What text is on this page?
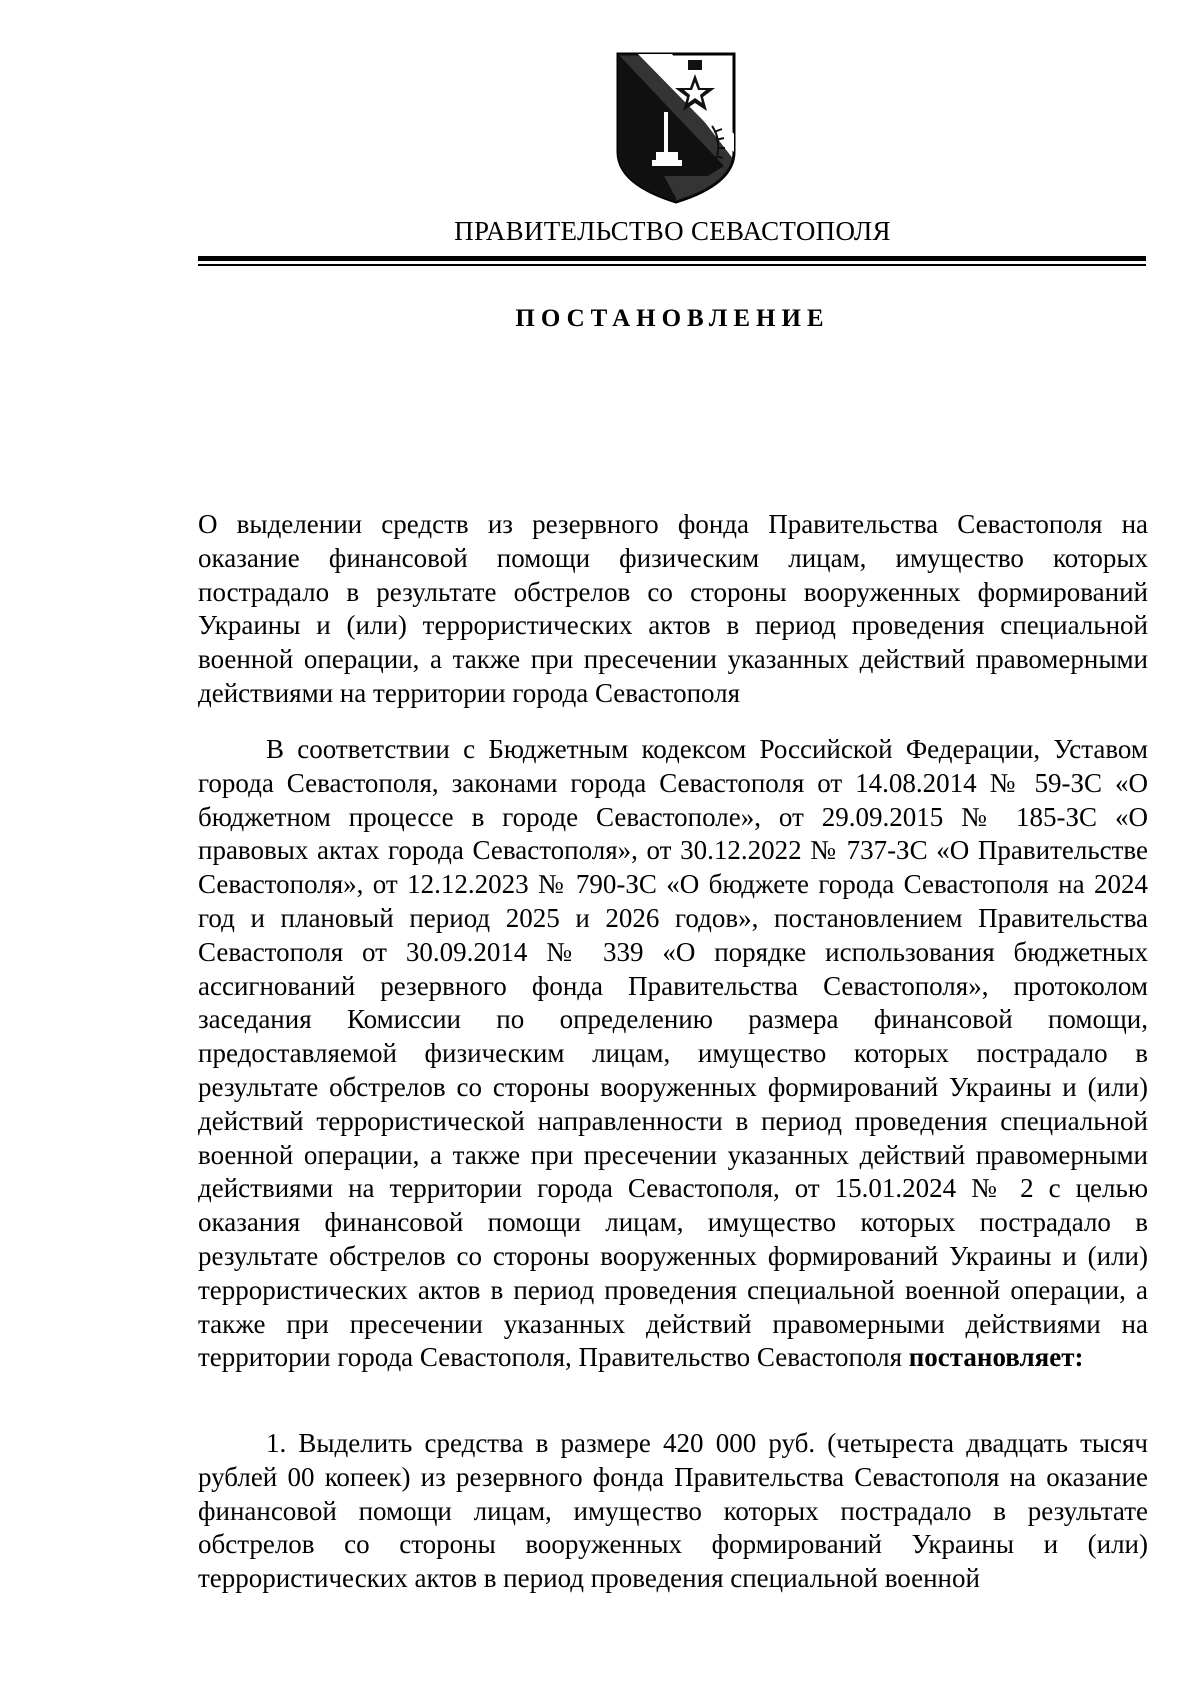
ПРАВИТЕЛЬСТВО СЕВАСТОПОЛЯ
ПОСТАНОВЛЕНИЕ
О выделении средств из резервного фонда Правительства Севастополя на оказание финансовой помощи физическим лицам, имущество которых пострадало в результате обстрелов со стороны вооруженных формирований Украины и (или) террористических актов в период проведения специальной военной операции, а также при пресечении указанных действий правомерными действиями на территории города Севастополя
В соответствии с Бюджетным кодексом Российской Федерации, Уставом города Севастополя, законами города Севастополя от 14.08.2014 № 59-ЗС «О бюджетном процессе в городе Севастополе», от 29.09.2015 № 185-ЗС «О правовых актах города Севастополя», от 30.12.2022 № 737-ЗС «О Правительстве Севастополя», от 12.12.2023 № 790-ЗС «О бюджете города Севастополя на 2024 год и плановый период 2025 и 2026 годов», постановлением Правительства Севастополя от 30.09.2014 № 339 «О порядке использования бюджетных ассигнований резервного фонда Правительства Севастополя», протоколом заседания Комиссии по определению размера финансовой помощи, предоставляемой физическим лицам, имущество которых пострадало в результате обстрелов со стороны вооруженных формирований Украины и (или) действий террористической направленности в период проведения специальной военной операции, а также при пресечении указанных действий правомерными действиями на территории города Севастополя, от 15.01.2024 № 2 с целью оказания финансовой помощи лицам, имущество которых пострадало в результате обстрелов со стороны вооруженных формирований Украины и (или) террористических актов в период проведения специальной военной операции, а также при пресечении указанных действий правомерными действиями на территории города Севастополя, Правительство Севастополя постановляет:
1. Выделить средства в размере 420 000 руб. (четыреста двадцать тысяч рублей 00 копеек) из резервного фонда Правительства Севастополя на оказание финансовой помощи лицам, имущество которых пострадало в результате обстрелов со стороны вооруженных формирований Украины и (или) террористических актов в период проведения специальной военной
